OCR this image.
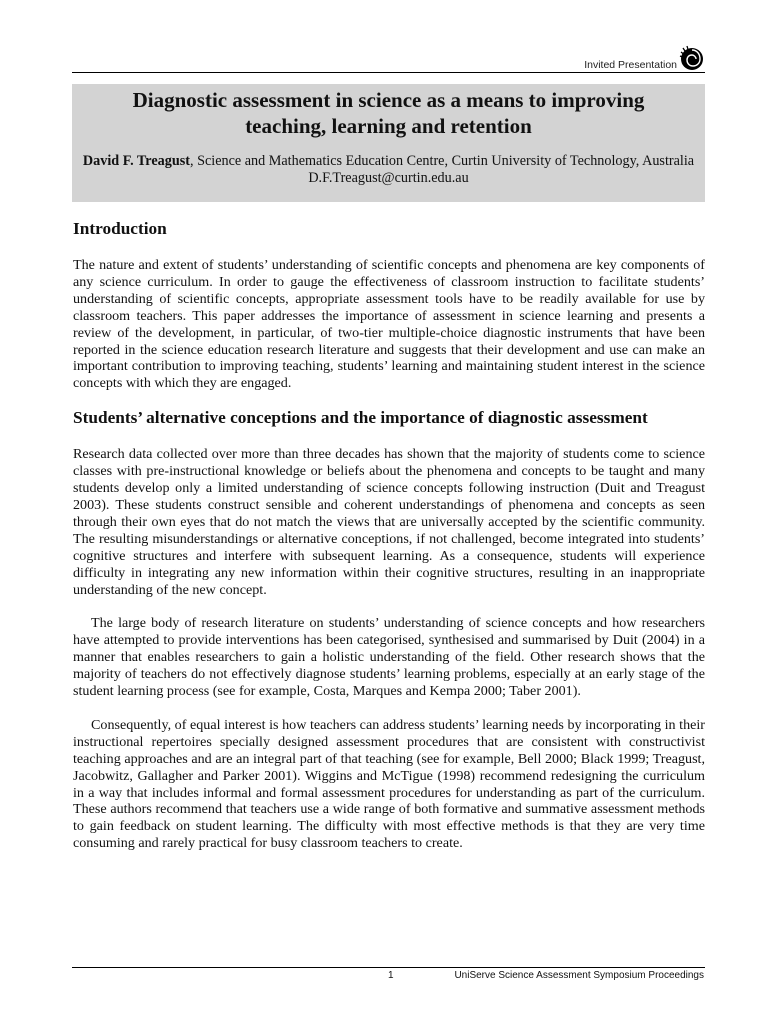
Invited Presentation
Diagnostic assessment in science as a means to improving teaching, learning and retention
David F. Treagust, Science and Mathematics Education Centre, Curtin University of Technology, Australia
D.F.Treagust@curtin.edu.au
Introduction

The nature and extent of students’ understanding of scientific concepts and phenomena are key components of any science curriculum. In order to gauge the effectiveness of classroom instruction to facilitate students’ understanding of scientific concepts, appropriate assessment tools have to be readily available for use by classroom teachers. This paper addresses the importance of assessment in science learning and presents a review of the development, in particular, of two-tier multiple-choice diagnostic instruments that have been reported in the science education research literature and suggests that their development and use can make an important contribution to improving teaching, students’ learning and maintaining student interest in the science concepts with which they are engaged.

Students’ alternative conceptions and the importance of diagnostic assessment

Research data collected over more than three decades has shown that the majority of students come to science classes with pre-instructional knowledge or beliefs about the phenomena and concepts to be taught and many students develop only a limited understanding of science concepts following instruction (Duit and Treagust 2003). These students construct sensible and coherent understandings of phenomena and concepts as seen through their own eyes that do not match the views that are universally accepted by the scientific community. The resulting misunderstandings or alternative conceptions, if not challenged, become integrated into students’ cognitive structures and interfere with subsequent learning. As a consequence, students will experience difficulty in integrating any new information within their cognitive structures, resulting in an inappropriate understanding of the new concept.

The large body of research literature on students’ understanding of science concepts and how researchers have attempted to provide interventions has been categorised, synthesised and summarised by Duit (2004) in a manner that enables researchers to gain a holistic understanding of the field. Other research shows that the majority of teachers do not effectively diagnose students’ learning problems, especially at an early stage of the student learning process (see for example, Costa, Marques and Kempa 2000; Taber 2001).

Consequently, of equal interest is how teachers can address students’ learning needs by incorporating in their instructional repertoires specially designed assessment procedures that are consistent with constructivist teaching approaches and are an integral part of that teaching (see for example, Bell 2000; Black 1999; Treagust, Jacobwitz, Gallagher and Parker 2001). Wiggins and McTigue (1998) recommend redesigning the curriculum in a way that includes informal and formal assessment procedures for understanding as part of the curriculum. These authors recommend that teachers use a wide range of both formative and summative assessment methods to gain feedback on student learning. The difficulty with most effective methods is that they are very time consuming and rarely practical for busy classroom teachers to create.

1	UniServe Science Assessment Symposium Proceedings
